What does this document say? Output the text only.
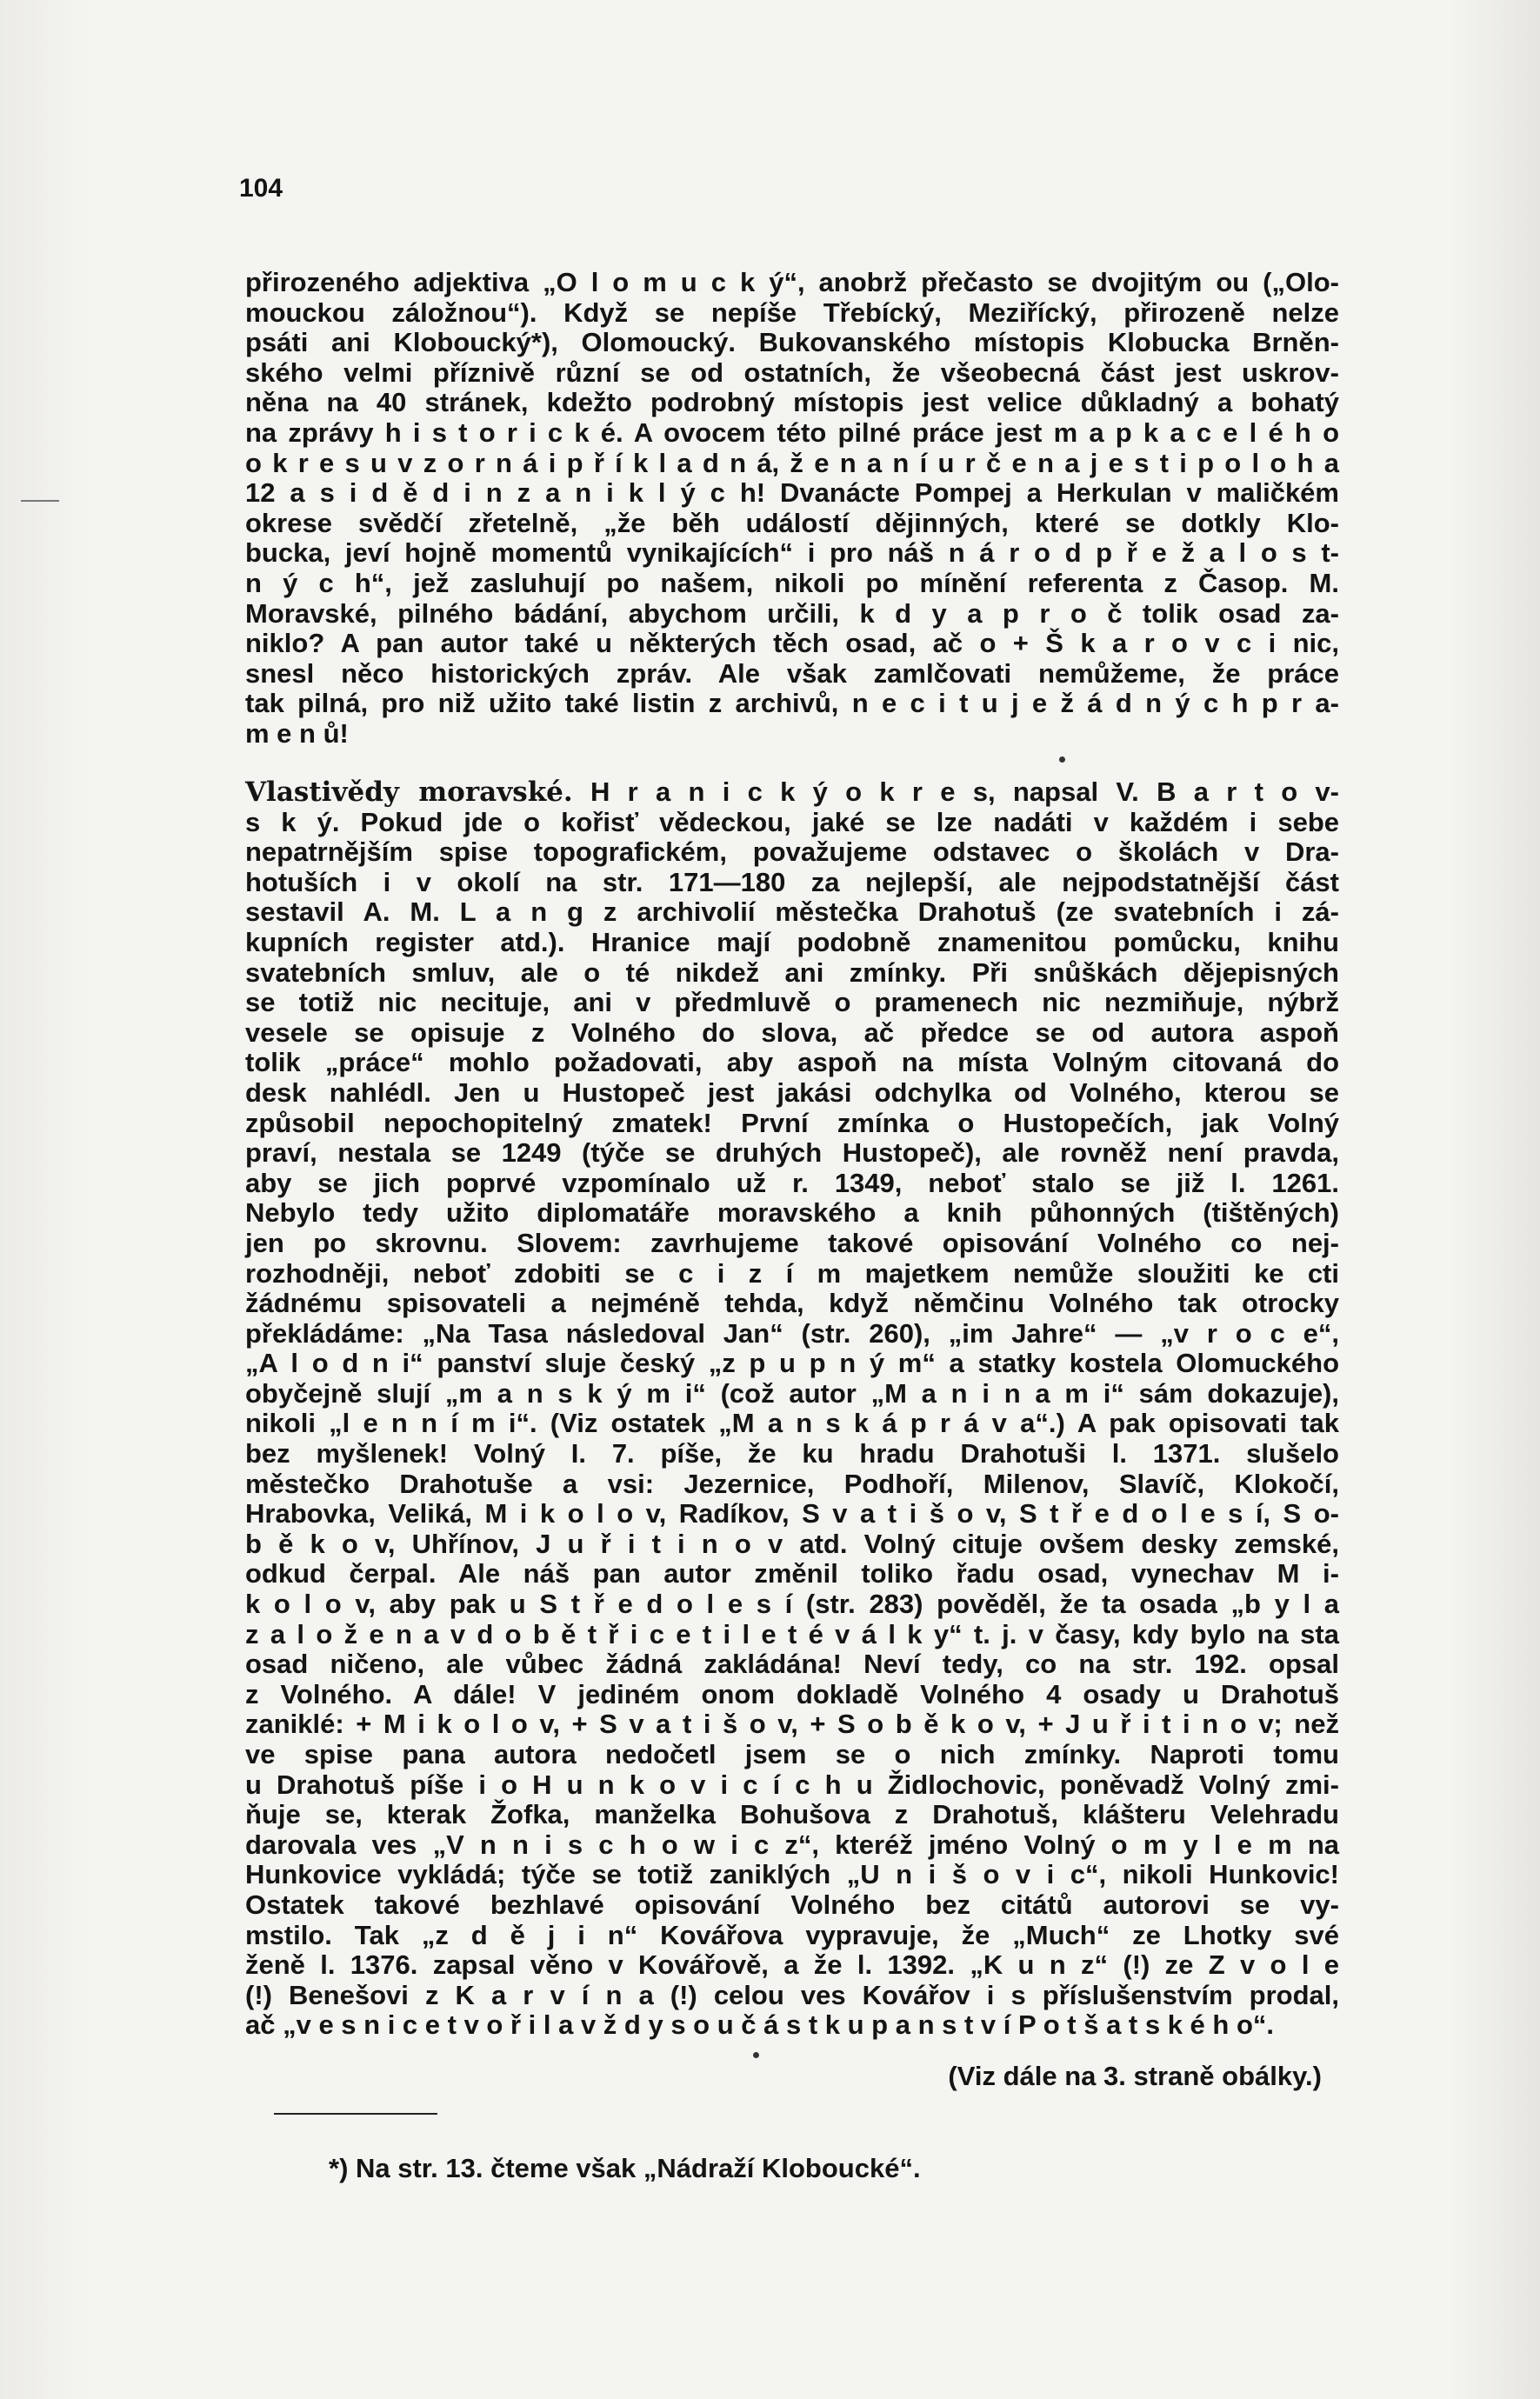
104

přirozeného adjektiva „O l o m u c k ý“, anobrž přečasto se dvojitým ou („Olo-

mouckou záložnou“). Když se nepíše Třebícký, Meziřícký, přirozeně nelze

psáti ani Kloboucký*), Olomoucký. Bukovanského místopis Klobucka Brněn-

ského velmi příznivě různí se od ostatních, že všeobecná část jest uskrov-

něna na 40 stránek, kdežto podrobný místopis jest velice důkladný a bohatý

na zprávy h i s t o r i c k é. A ovocem této pilné práce jest m a p k a c e l é h o

o k r e s u v z o r n á i p ř í k l a d n á, ž e n a n í u r č e n a j e s t i p o l o h a

12 a s i d ě d i n z a n i k l ý c h! Dvanácte Pompej a Herkulan v maličkém

okrese svědčí zřetelně, „že běh událostí dějinných, které se dotkly Klo-

bucka, jeví hojně momentů vynikajících“ i pro náš n á r o d p ř e ž a l o s t-

n ý c h“, jež zasluhují po našem, nikoli po mínění referenta z Časop. M.

Moravské, pilného bádání, abychom určili, k d y a p r o č tolik osad za-

niklo? A pan autor také u některých těch osad, ač o + Š k a r o v c i nic,

snesl něco historických zpráv. Ale však zamlčovati nemůžeme, že práce

tak pilná, pro niž užito také listin z archivů, n e c i t u j e ž á d n ý c h p r a-

m e n ů!

Vlastivědy moravské. H r a n i c k ý o k r e s, napsal V. B a r t o v-

s k ý. Pokud jde o kořisť vědeckou, jaké se lze nadáti v každém i sebe

nepatrnějším spise topografickém, považujeme odstavec o školách v Dra-

hotuších i v okolí na str. 171—180 za nejlepší, ale nejpodstatnější část

sestavil A. M. L a n g z archivolií městečka Drahotuš (ze svatebních i zá-

kupních register atd.). Hranice mají podobně znamenitou pomůcku, knihu

svatebních smluv, ale o té nikdež ani zmínky. Při snůškách dějepisných

se totiž nic necituje, ani v předmluvě o pramenech nic nezmiňuje, nýbrž

vesele se opisuje z Volného do slova, ač předce se od autora aspoň

tolik „práce“ mohlo požadovati, aby aspoň na místa Volným citovaná do

desk nahlédl. Jen u Hustopeč jest jakási odchylka od Volného, kterou se

způsobil nepochopitelný zmatek! První zmínka o Hustopečích, jak Volný

praví, nestala se 1249 (týče se druhých Hustopeč), ale rovněž není pravda,

aby se jich poprvé vzpomínalo už r. 1349, neboť stalo se již l. 1261.

Nebylo tedy užito diplomatáře moravského a knih půhonných (tištěných)

jen po skrovnu. Slovem: zavrhujeme takové opisování Volného co nej-

rozhodněji, neboť zdobiti se c i z í m majetkem nemůže sloužiti ke cti

žádnému spisovateli a nejméně tehda, když němčinu Volného tak otrocky

překládáme: „Na Tasa následoval Jan“ (str. 260), „im Jahre“ — „v r o c e“,

„A l o d n i“ panství sluje český „z p u p n ý m“ a statky kostela Olomuckého

obyčejně slují „m a n s k ý m i“ (což autor „M a n i n a m i“ sám dokazuje),

nikoli „l e n n í m i“. (Viz ostatek „M a n s k á p r á v a“.) A pak opisovati tak

bez myšlenek! Volný I. 7. píše, že ku hradu Drahotuši l. 1371. slušelo

městečko Drahotuše a vsi: Jezernice, Podhoří, Milenov, Slavíč, Klokočí,

Hrabovka, Veliká, M i k o l o v, Radíkov, S v a t i š o v, S t ř e d o l e s í, S o-

b ě k o v, Uhřínov, J u ř i t i n o v atd. Volný cituje ovšem desky zemské,

odkud čerpal. Ale náš pan autor změnil toliko řadu osad, vynechav M i-

k o l o v, aby pak u S t ř e d o l e s í (str. 283) pověděl, že ta osada „b y l a

z a l o ž e n a v d o b ě t ř i c e t i l e t é v á l k y“ t. j. v časy, kdy bylo na sta

osad ničeno, ale vůbec žádná zakládána! Neví tedy, co na str. 192. opsal

z Volného. A dále! V jediném onom dokladě Volného 4 osady u Drahotuš

zaniklé: + M i k o l o v, + S v a t i š o v, + S o b ě k o v, + J u ř i t i n o v; než

ve spise pana autora nedočetl jsem se o nich zmínky. Naproti tomu

u Drahotuš píše i o H u n k o v i c í c h u Židlochovic, poněvadž Volný zmi-

ňuje se, kterak Žofka, manželka Bohušova z Drahotuš, klášteru Velehradu

darovala ves „V n n i s c h o w i c z“, kteréž jméno Volný o m y l e m na

Hunkovice vykládá; týče se totiž zaniklých „U n i š o v i c“, nikoli Hunkovic!

Ostatek takové bezhlavé opisování Volného bez citátů autorovi se vy-

mstilo. Tak „z d ě j i n“ Kovářova vypravuje, že „Much“ ze Lhotky své

ženě l. 1376. zapsal věno v Kovářově, a že l. 1392. „K u n z“ (!) ze Z v o l e

(!) Benešovi z K a r v í n a (!) celou ves Kovářov i s příslušenstvím prodal,

ač „v e s n i c e t v o ř i l a v ž d y s o u č á s t k u p a n s t v í P o t š a t s k é h o“.

(Viz dále na 3. straně obálky.)
*) Na str. 13. čteme však „Nádraží Kloboucké“.
